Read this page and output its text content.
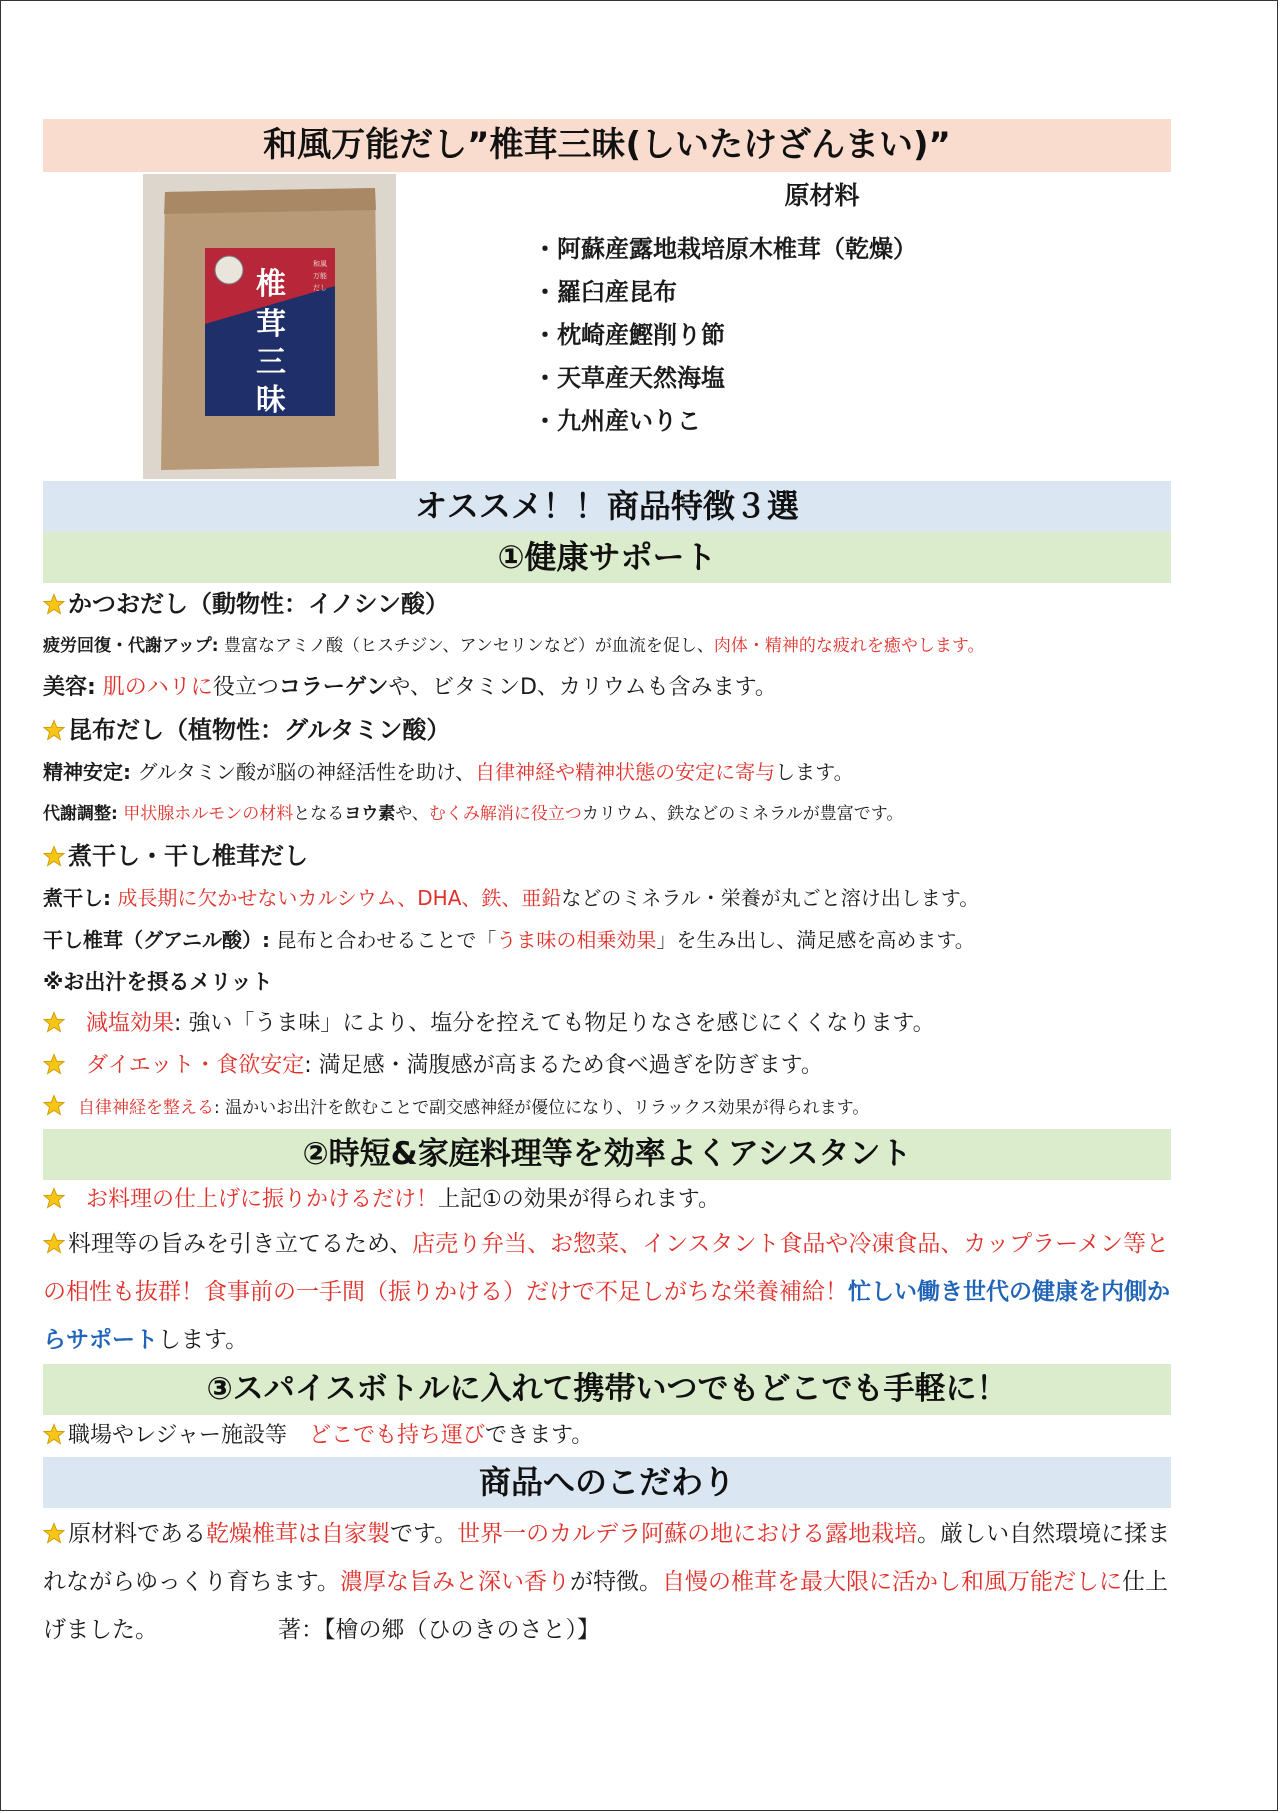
和風万能だし”椎茸三昧(しいたけざんまい)”
椎
茸
三
昧
和風
万能
だし
原材料
・阿蘇産露地栽培原木椎茸（乾燥）
・羅臼産昆布
・枕崎産鰹削り節
・天草産天然海塩
・九州産いりこ
オススメ！！商品特徴３選
①健康サポート
かつおだし（動物性：イノシン酸）
疲労回復・代謝アップ: 豊富なアミノ酸（ヒスチジン、アンセリンなど）が血流を促し、肉体・精神的な疲れを癒やします。
美容: 肌のハリに役立つコラーゲンや、ビタミンD、カリウムも含みます。
昆布だし（植物性：グルタミン酸）
精神安定: グルタミン酸が脳の神経活性を助け、自律神経や精神状態の安定に寄与します。
代謝調整: 甲状腺ホルモンの材料となるヨウ素や、むくみ解消に役立つカリウム、鉄などのミネラルが豊富です。
煮干し・干し椎茸だし
煮干し: 成長期に欠かせないカルシウム、DHA、鉄、亜鉛などのミネラル・栄養が丸ごと溶け出します。
干し椎茸（グアニル酸）: 昆布と合わせることで「うま味の相乗効果」を生み出し、満足感を高めます。
※お出汁を摂るメリット
減塩効果: 強い「うま味」により、塩分を控えても物足りなさを感じにくくなります。
ダイエット・食欲安定: 満足感・満腹感が高まるため食べ過ぎを防ぎます。
自律神経を整える: 温かいお出汁を飲むことで副交感神経が優位になり、リラックス効果が得られます。
②時短&家庭料理等を効率よくアシスタント
お料理の仕上げに振りかけるだけ！上記①の効果が得られます。
料理等の旨みを引き立てるため、店売り弁当、お惣菜、インスタント食品や冷凍食品、カップラーメン等との相性も抜群！食事前の一手間（振りかける）だけで不足しがちな栄養補給！忙しい働き世代の健康を内側からサポートします。
③スパイスボトルに入れて携帯いつでもどこでも手軽に！
職場やレジャー施設等　どこでも持ち運びできます。
商品へのこだわり
原材料である乾燥椎茸は自家製です。世界一のカルデラ阿蘇の地における露地栽培。厳しい自然環境に揉まれながらゆっくり育ちます。濃厚な旨みと深い香りが特徴。自慢の椎茸を最大限に活かし和風万能だしに仕上げました。	著：【檜の郷（ひのきのさと）】
